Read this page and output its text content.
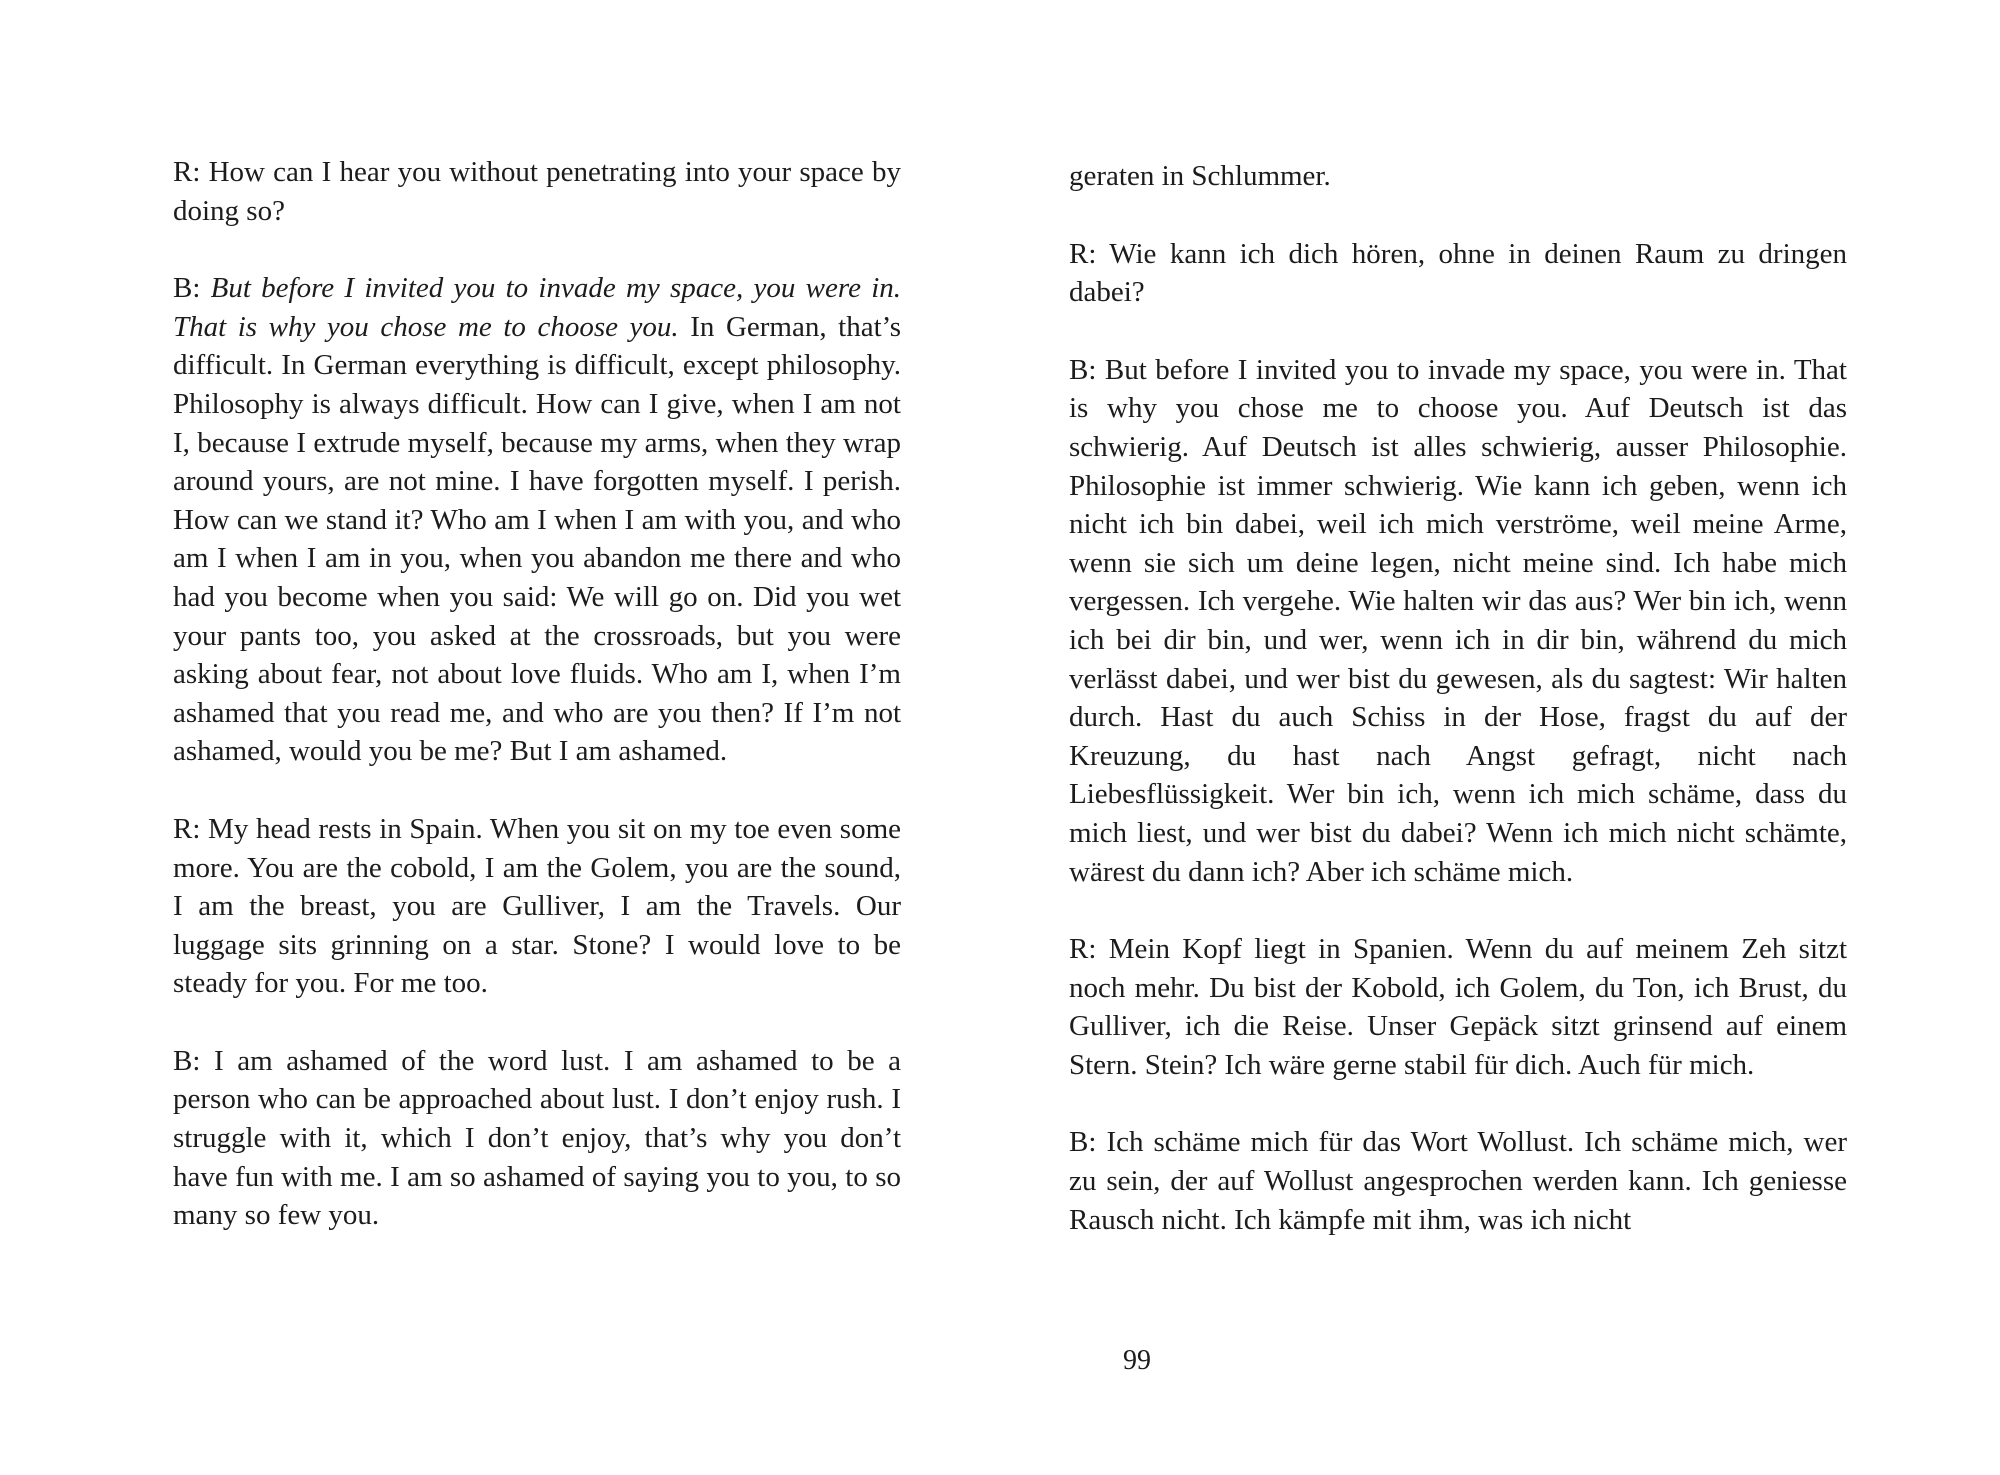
R: How can I hear you without penetrating into your space by doing so?

B: But before I invited you to invade my space, you were in. That is why you chose me to choose you. In German, that’s difficult. In German everything is difficult, except philosophy. Philosophy is always difficult. How can I give, when I am not I, because I extrude myself, because my arms, when they wrap around yours, are not mine. I have forgotten myself. I perish. How can we stand it? Who am I when I am with you, and who am I when I am in you, when you abandon me there and who had you become when you said: We will go on. Did you wet your pants too, you asked at the crossroads, but you were asking about fear, not about love fluids. Who am I, when I’m ashamed that you read me, and who are you then? If I’m not ashamed, would you be me? But I am ashamed.

R: My head rests in Spain. When you sit on my toe even some more. You are the cobold, I am the Golem, you are the sound, I am the breast, you are Gulliver, I am the Travels. Our luggage sits grinning on a star. Stone? I would love to be steady for you. For me too.

B: I am ashamed of the word lust. I am ashamed to be a person who can be approached about lust. I don’t enjoy rush. I struggle with it, which I don’t enjoy, that’s why you don’t have fun with me. I am so ashamed of saying you to you, to so many so few you.

geraten in Schlummer.

R: Wie kann ich dich hören, ohne in deinen Raum zu dringen dabei?

B: But before I invited you to invade my space, you were in. That is why you chose me to choose you. Auf Deutsch ist das schwierig. Auf Deutsch ist alles schwierig, ausser Philosophie. Philosophie ist immer schwierig. Wie kann ich geben, wenn ich nicht ich bin dabei, weil ich mich verströme, weil meine Arme, wenn sie sich um deine legen, nicht meine sind. Ich habe mich vergessen. Ich vergehe. Wie halten wir das aus? Wer bin ich, wenn ich bei dir bin, und wer, wenn ich in dir bin, während du mich verlässt dabei, und wer bist du gewesen, als du sagtest: Wir halten durch. Hast du auch Schiss in der Hose, fragst du auf der Kreuzung, du hast nach Angst gefragt, nicht nach Liebesflüssigkeit. Wer bin ich, wenn ich mich schäme, dass du mich liest, und wer bist du dabei? Wenn ich mich nicht schämte, wärest du dann ich? Aber ich schäme mich.

R: Mein Kopf liegt in Spanien. Wenn du auf meinem Zeh sitzt noch mehr. Du bist der Kobold, ich Golem, du Ton, ich Brust, du Gulliver, ich die Reise. Unser Gepäck sitzt grinsend auf einem Stern. Stein? Ich wäre gerne stabil für dich. Auch für mich.

B: Ich schäme mich für das Wort Wollust. Ich schäme mich, wer zu sein, der auf Wollust angesprochen werden kann. Ich geniesse Rausch nicht. Ich kämpfe mit ihm, was ich nicht

99
